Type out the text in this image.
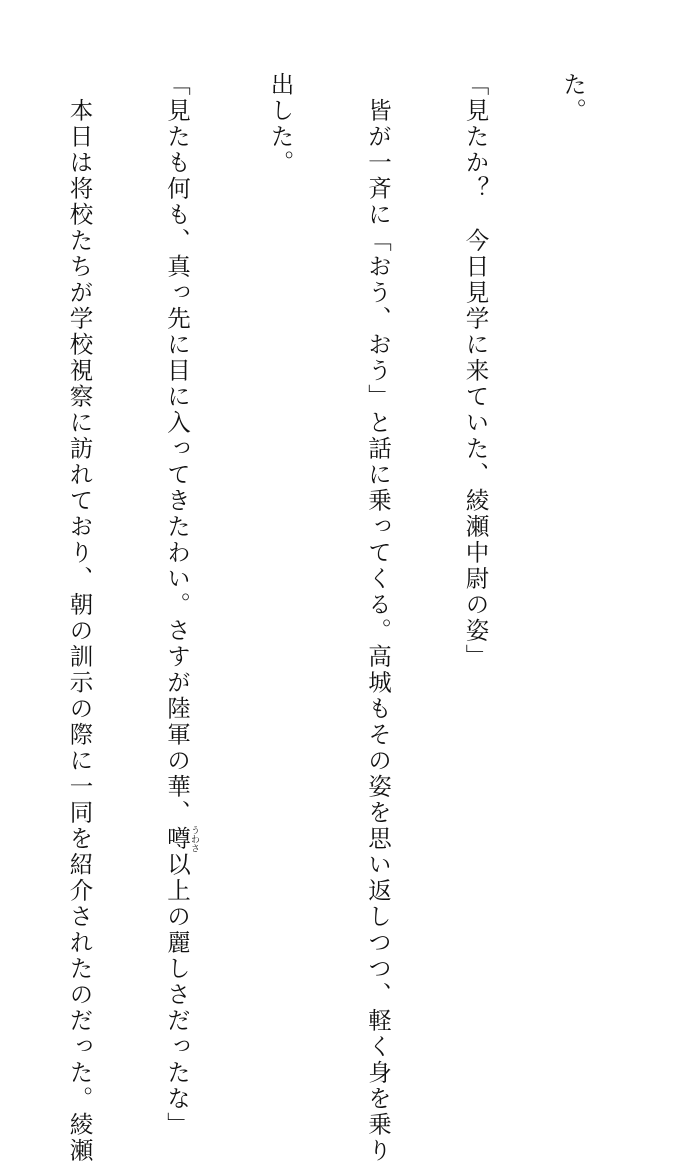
た。

「見たか？　今日見学に来ていた、綾瀬中尉の姿」

　皆が一斉に「おう、おう」と話に乗ってくる。高城もその姿を思い返しつつ、軽く身を乗り

出した。

「見たも何も、真っ先に目に入ってきたわい。さすが陸軍の華、噂うわさ以上の麗しさだったな」

　本日は将校たちが学校視察に訪れており、朝の訓示の際に一同を紹介されたのだった。綾瀬
